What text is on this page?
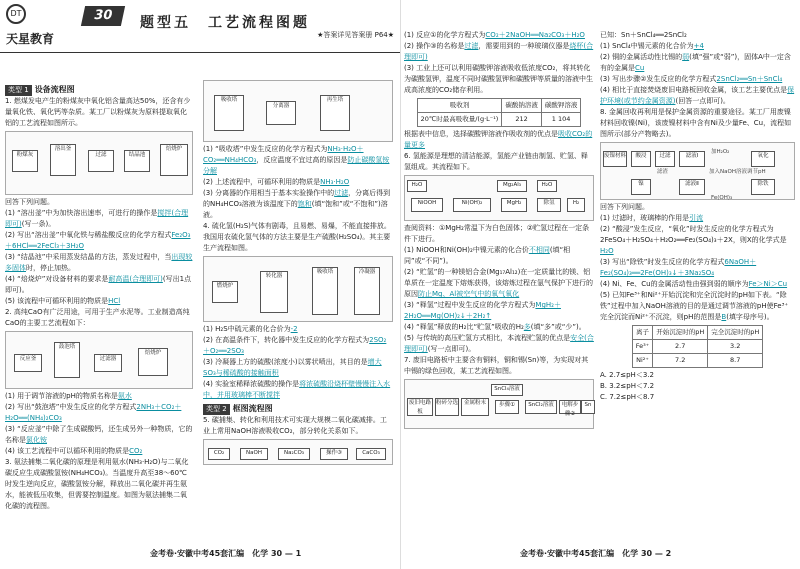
DT
天星教育
30	题型五　工艺流程图题
★答案详见答案册 P64★
类型 1 设备流程图
1. 燃煤发电产生的粉煤灰中氧化铝含量高达50%，还含有少量氧化铁、氧化钙等杂质。某工厂以粉煤灰为原料提取氧化铝的工艺流程如图所示。
粉煤灰
溶出釜
过滤	结晶池
焙烧炉
回答下列问题。
(1) “溶出釜”中为加快溶出速率，可进行的操作是搅拌(合理即可)(写一条)。
(2) 写出“溶出釜”中氧化铁与稀盐酸反应的化学方程式Fe₂O₃＋6HCl══2FeCl₃＋3H₂O
(3) “结晶池”中采用蒸发结晶的方法，蒸发过程中，当出现较多固体时，停止加热。
(4) “焙烧炉”对设备材料的要求是耐高温(合理即可)(写出1点即可)。
(5) 该流程中可循环利用的物质是HCl
2. 高纯CaO有广泛用途，可用于生产水泥等。工业制造高纯CaO的主要工艺流程如下：
反应釜
鼓泡塔
过滤器
焙烧炉
(1) 用于调节溶液的pH的物质名称是氨水
(2) 写出“鼓泡塔”中发生反应的化学方程式2NH₃＋CO₂＋H₂O══(NH₄)₂CO₃
(3) “反应釜”中除了生成碳酸钙，还生成另外一种物质，它的名称是氯化铵
(4) 该工艺流程中可以循环利用的物质是CO₂
3. 氨法捕集二氧化碳的原理是利用氨水(NH₃·H₂O)与二氧化碳反应生成碳酸氢铵(NH₄HCO₃)。当温度升高至38～60℃时发生逆向反应，碳酸氢铵分解，释放出二氧化碳并再生氨水，能被低压收集，但需要控制温度。如图为氨法捕集二氧化碳的流程图。
吸收塔
分离器
再生塔
(1) “吸收塔”中发生反应的化学方程式为NH₃·H₂O＋CO₂══NH₄HCO₃，反应温度不宜过高的原因是防止碳酸氢铵分解
(2) 上述流程中，可循环利用的物质是NH₃·H₂O
(3) 分离器的作用相当于基本实验操作中的过滤，分离后得到的NH₄HCO₃溶液为该温度下的饱和(填“饱和”或“不饱和”)溶液。
4. 硫化氢(H₂S)气体有剧毒，且易燃、易爆，不能直接排放。我国用农硫化氢气体的方法主要是生产硫酸(H₂SO₄)。其主要生产流程如图。
燃烧炉
转化器
吸收塔	冷凝器
(1) H₂S中硫元素的化合价为-2
(2) 在高温条件下，转化器中发生反应的化学方程式为2SO₂＋O₂══2SO₃
(3) 冷凝器上方的硫酸(浓度小)以雾状喷出，其目的是增大SO₃与稀硫酸的接触面积
(4) 实验室稀释浓硫酸的操作是将浓硫酸沿烧杯壁慢慢注入水中，并用玻璃棒不断搅拌
类型 2 框图流程图
5. 碳捕集、转化和利用技术可实现大规模二氧化碳减排。工业上常用NaOH溶液吸收CO₂，部分转化关系如下。
CO₂	NaOH	Na₂CO₃	操作③	CaCO₃
(1) 反应①的化学方程式为CO₂＋2NaOH══Na₂CO₃＋H₂O
(2) 操作③的名称是过滤，需要用到的一种玻璃仪器是烧杯(合理即可)
(3) 工业上还可以利用碳酸钾溶液吸收低浓度CO₂，将其转化为碳酸氢钾，温度不同时碳酸氢钾和碳酸钾等质量的溶液中生成高浓度的CO₂储存利用。
吸收剂	碳酸钠溶液	碳酸钾溶液
20℃时最高吸收量/(g·L⁻¹)	212	1 104
根据表中信息，选择碳酸钾溶液作吸收剂的优点是吸收CO₂的量更多
6. 氢能源是理想的清洁能源，氢能产业链由制氢、贮氢、释氢组成。其流程如下。
H₂O
NiOOH	Ni(OH)₂
Mg₂Al₃
MgH₂	除氢	H₂
H₂O
查阅资料：①MgH₂常温下为白色固体；②贮氢过程在一定条件下进行。
(1) NiOOH和Ni(OH)₂中镍元素的化合价不相同(填“相同”或“不同”)。
(2) “贮氢”的一种镁铝合金(Mg₁₇Al₁₂)在一定质量比的镁、铝单质在一定温度下熔炼获得，该熔炼过程在氩气保护下进行的原因防止Mg、Al被空气中的氧气氧化
(3) “释氢”过程中发生反应的化学方程式为MgH₂＋2H₂O══Mg(OH)₂↓＋2H₂↑
(4) “释氢”释放的H₂比“贮氢”吸收的H₂多(填“多”或“少”)。
(5) 与传统的高压贮氢方式相比，本流程贮氢的优点是安全(合理即可)(写一点即可)。
7. 废旧电路板中主要含有铜料，铜和锡(Sn)等，为实现对其中锡的绿色回收，某工艺流程如图。
废旧电路板
粉碎分选	金属粉末
SnCl₄溶液
步骤①	SnCl₂溶液	电解步骤②
Sn
已知：Sn＋SnCl₄══2SnCl₂
(1) SnCl₄中锡元素的化合价为+4
(2) 铜的金属活动性比锡的弱(填“强”或“弱”)，固体A中一定含有的金属是Cu
(3) 写出步骤②发生反应的化学方程式2SnCl₂══Sn＋SnCl₄
(4) 相比于直接焚烧废旧电路板回收金属，该工艺主要优点是保护环境(或节约金属资源)(回答一点即可)。
8. 金属回收再利用是保护金属资源的重要途径。某工厂用废镍材料回收镍(Ni)，该废镍材料中含有Ni及少量Fe、Cu，流程如图所示(部分产物略去)。
废镍材料	酸浸	过滤	滤液Ⅰ	氧化
除铁
滤液Ⅱ
镍
Fe(OH)₃
滤渣
加H₂O₂
加入NaOH溶液调节pH
回答下列问题。
(1) 过滤时，玻璃棒的作用是引流
(2) “酸浸”发生反应，“氧化”时发生反应的化学方程式为2FeSO₄＋H₂SO₄＋H₂O₂══Fe₂(SO₄)₃＋2X，则X的化学式是H₂O
(3) 写出“除铁”时发生反应的化学方程式6NaOH＋Fe₂(SO₄)₃══2Fe(OH)₃↓＋3Na₂SO₄
(4) Ni、Fe、Cu的金属活动性由强到弱的顺序为Fe＞Ni＞Cu
(5) 已知Fe³⁺和Ni²⁺开始沉淀和完全沉淀时的pH如下表。“除铁”过程中加入NaOH溶液的目的是通过调节溶液的pH使Fe³⁺完全沉淀而Ni²⁺不沉淀，则pH的范围是B(填字母序号)。
离子	开始沉淀时的pH	完全沉淀时的pH
Fe³⁺	2.7	3.2
Ni²⁺	7.2	8.7
A. 2.7≤pH＜3.2
B. 3.2≤pH＜7.2
C. 7.2≤pH＜8.7
金考卷·安徽中考45套汇编　化学 30 — 1	金考卷·安徽中考45套汇编　化学 30 — 2
